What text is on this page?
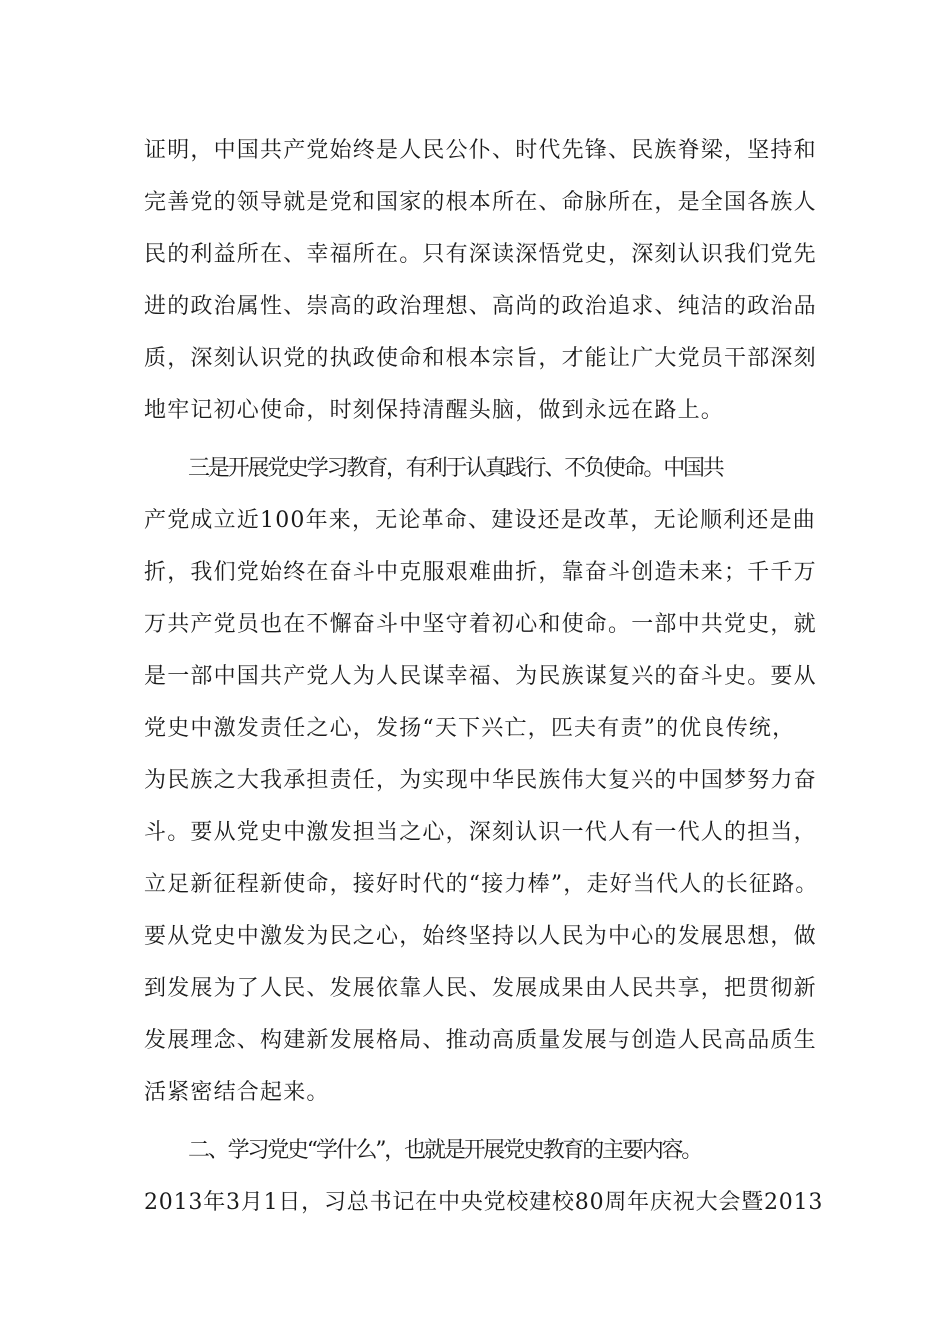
证明，中国共产党始终是人民公仆、时代先锋、民族脊梁，坚持和
完善党的领导就是党和国家的根本所在、命脉所在，是全国各族人
民的利益所在、幸福所在。只有深读深悟党史，深刻认识我们党先
进的政治属性、崇高的政治理想、高尚的政治追求、纯洁的政治品
质，深刻认识党的执政使命和根本宗旨，才能让广大党员干部深刻
地牢记初心使命，时刻保持清醒头脑，做到永远在路上。
三是开展党史学习教育，有利于认真践行、不负使命。中国共
产党成立近100年来，无论革命、建设还是改革，无论顺利还是曲
折，我们党始终在奋斗中克服艰难曲折，靠奋斗创造未来；千千万
万共产党员也在不懈奋斗中坚守着初心和使命。一部中共党史，就
是一部中国共产党人为人民谋幸福、为民族谋复兴的奋斗史。要从
党史中激发责任之心，发扬“天下兴亡，匹夫有责”的优良传统，
为民族之大我承担责任，为实现中华民族伟大复兴的中国梦努力奋
斗。要从党史中激发担当之心，深刻认识一代人有一代人的担当，
立足新征程新使命，接好时代的“接力棒”，走好当代人的长征路。
要从党史中激发为民之心，始终坚持以人民为中心的发展思想，做
到发展为了人民、发展依靠人民、发展成果由人民共享，把贯彻新
发展理念、构建新发展格局、推动高质量发展与创造人民高品质生
活紧密结合起来。
二、学习党史“学什么”，也就是开展党史教育的主要内容。
2013年3月1日，习总书记在中央党校建校80周年庆祝大会暨2013
